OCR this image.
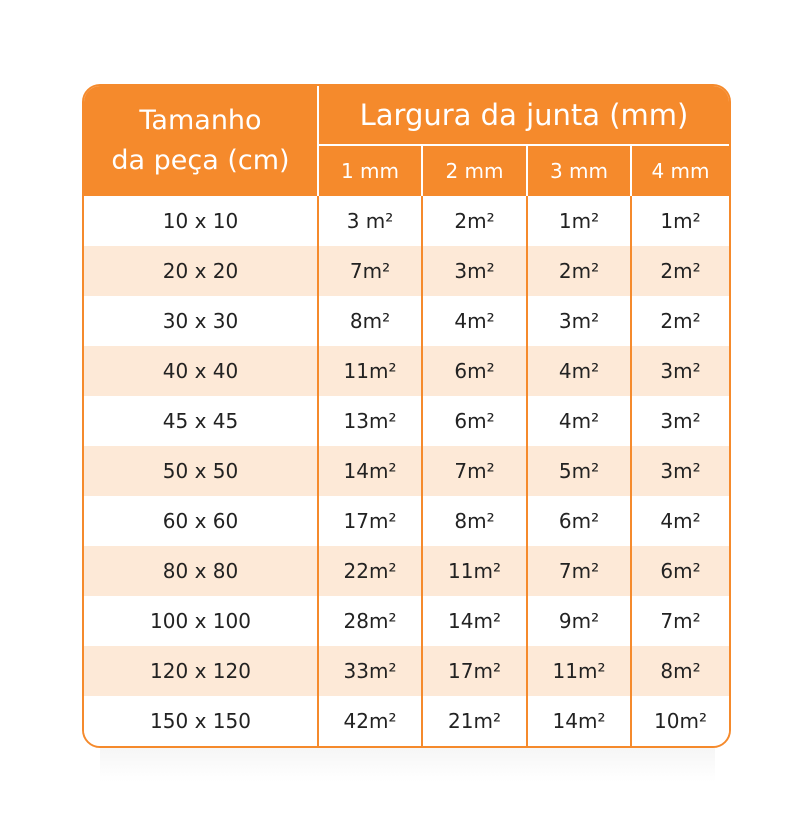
Tamanho
da peça (cm)	Largura da junta (mm)			
	1 mm	2 mm	3 mm	4 mm
10 x 10	3 m²	2m²	1m²	1m²
20 x 20	7m²	3m²	2m²	2m²
30 x 30	8m²	4m²	3m²	2m²
40 x 40	11m²	6m²	4m²	3m²
45 x 45	13m²	6m²	4m²	3m²
50 x 50	14m²	7m²	5m²	3m²
60 x 60	17m²	8m²	6m²	4m²
80 x 80	22m²	11m²	7m²	6m²
100 x 100	28m²	14m²	9m²	7m²
120 x 120	33m²	17m²	11m²	8m²
150 x 150	42m²	21m²	14m²	10m²
